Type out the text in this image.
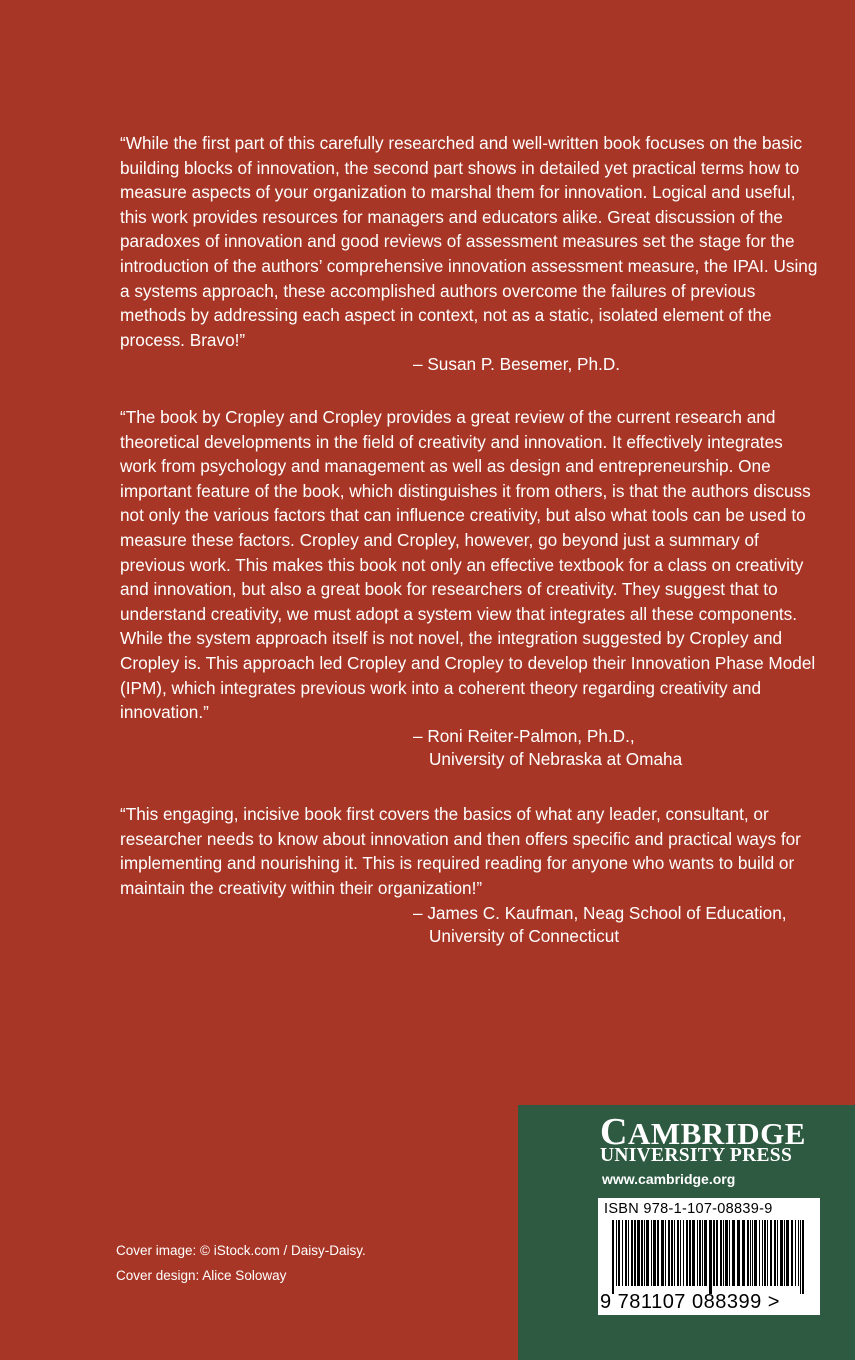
“While the first part of this carefully researched and well-written book focuses on the basic building blocks of innovation, the second part shows in detailed yet practical terms how to measure aspects of your organization to marshal them for innovation. Logical and useful, this work provides resources for managers and educators alike. Great discussion of the paradoxes of innovation and good reviews of assessment measures set the stage for the introduction of the authors’ comprehensive innovation assessment measure, the IPAI. Using a systems approach, these accomplished authors overcome the failures of previous methods by addressing each aspect in context, not as a static, isolated element of the process. Bravo!”

– Susan P. Besemer, Ph.D.

“The book by Cropley and Cropley provides a great review of the current research and theoretical developments in the field of creativity and innovation. It effectively integrates work from psychology and management as well as design and entrepreneurship. One important feature of the book, which distinguishes it from others, is that the authors discuss not only the various factors that can influence creativity, but also what tools can be used to measure these factors. Cropley and Cropley, however, go beyond just a summary of previous work. This makes this book not only an effective textbook for a class on creativity and innovation, but also a great book for researchers of creativity. They suggest that to understand creativity, we must adopt a system view that integrates all these components. While the system approach itself is not novel, the integration suggested by Cropley and Cropley is. This approach led Cropley and Cropley to develop their Innovation Phase Model (IPM), which integrates previous work into a coherent theory regarding creativity and innovation.”

– Roni Reiter-Palmon, Ph.D.,
University of Nebraska at Omaha

“This engaging, incisive book first covers the basics of what any leader, consultant, or researcher needs to know about innovation and then offers specific and practical ways for implementing and nourishing it. This is required reading for anyone who wants to build or maintain the creativity within their organization!”

– James C. Kaufman, Neag School of Education,
University of Connecticut
Cover image: © iStock.com / Daisy-Daisy.
Cover design: Alice Soloway
CAMBRIDGE
UNIVERSITY PRESS
www.cambridge.org
ISBN 978-1-107-08839-9
9 781107 088399 >
